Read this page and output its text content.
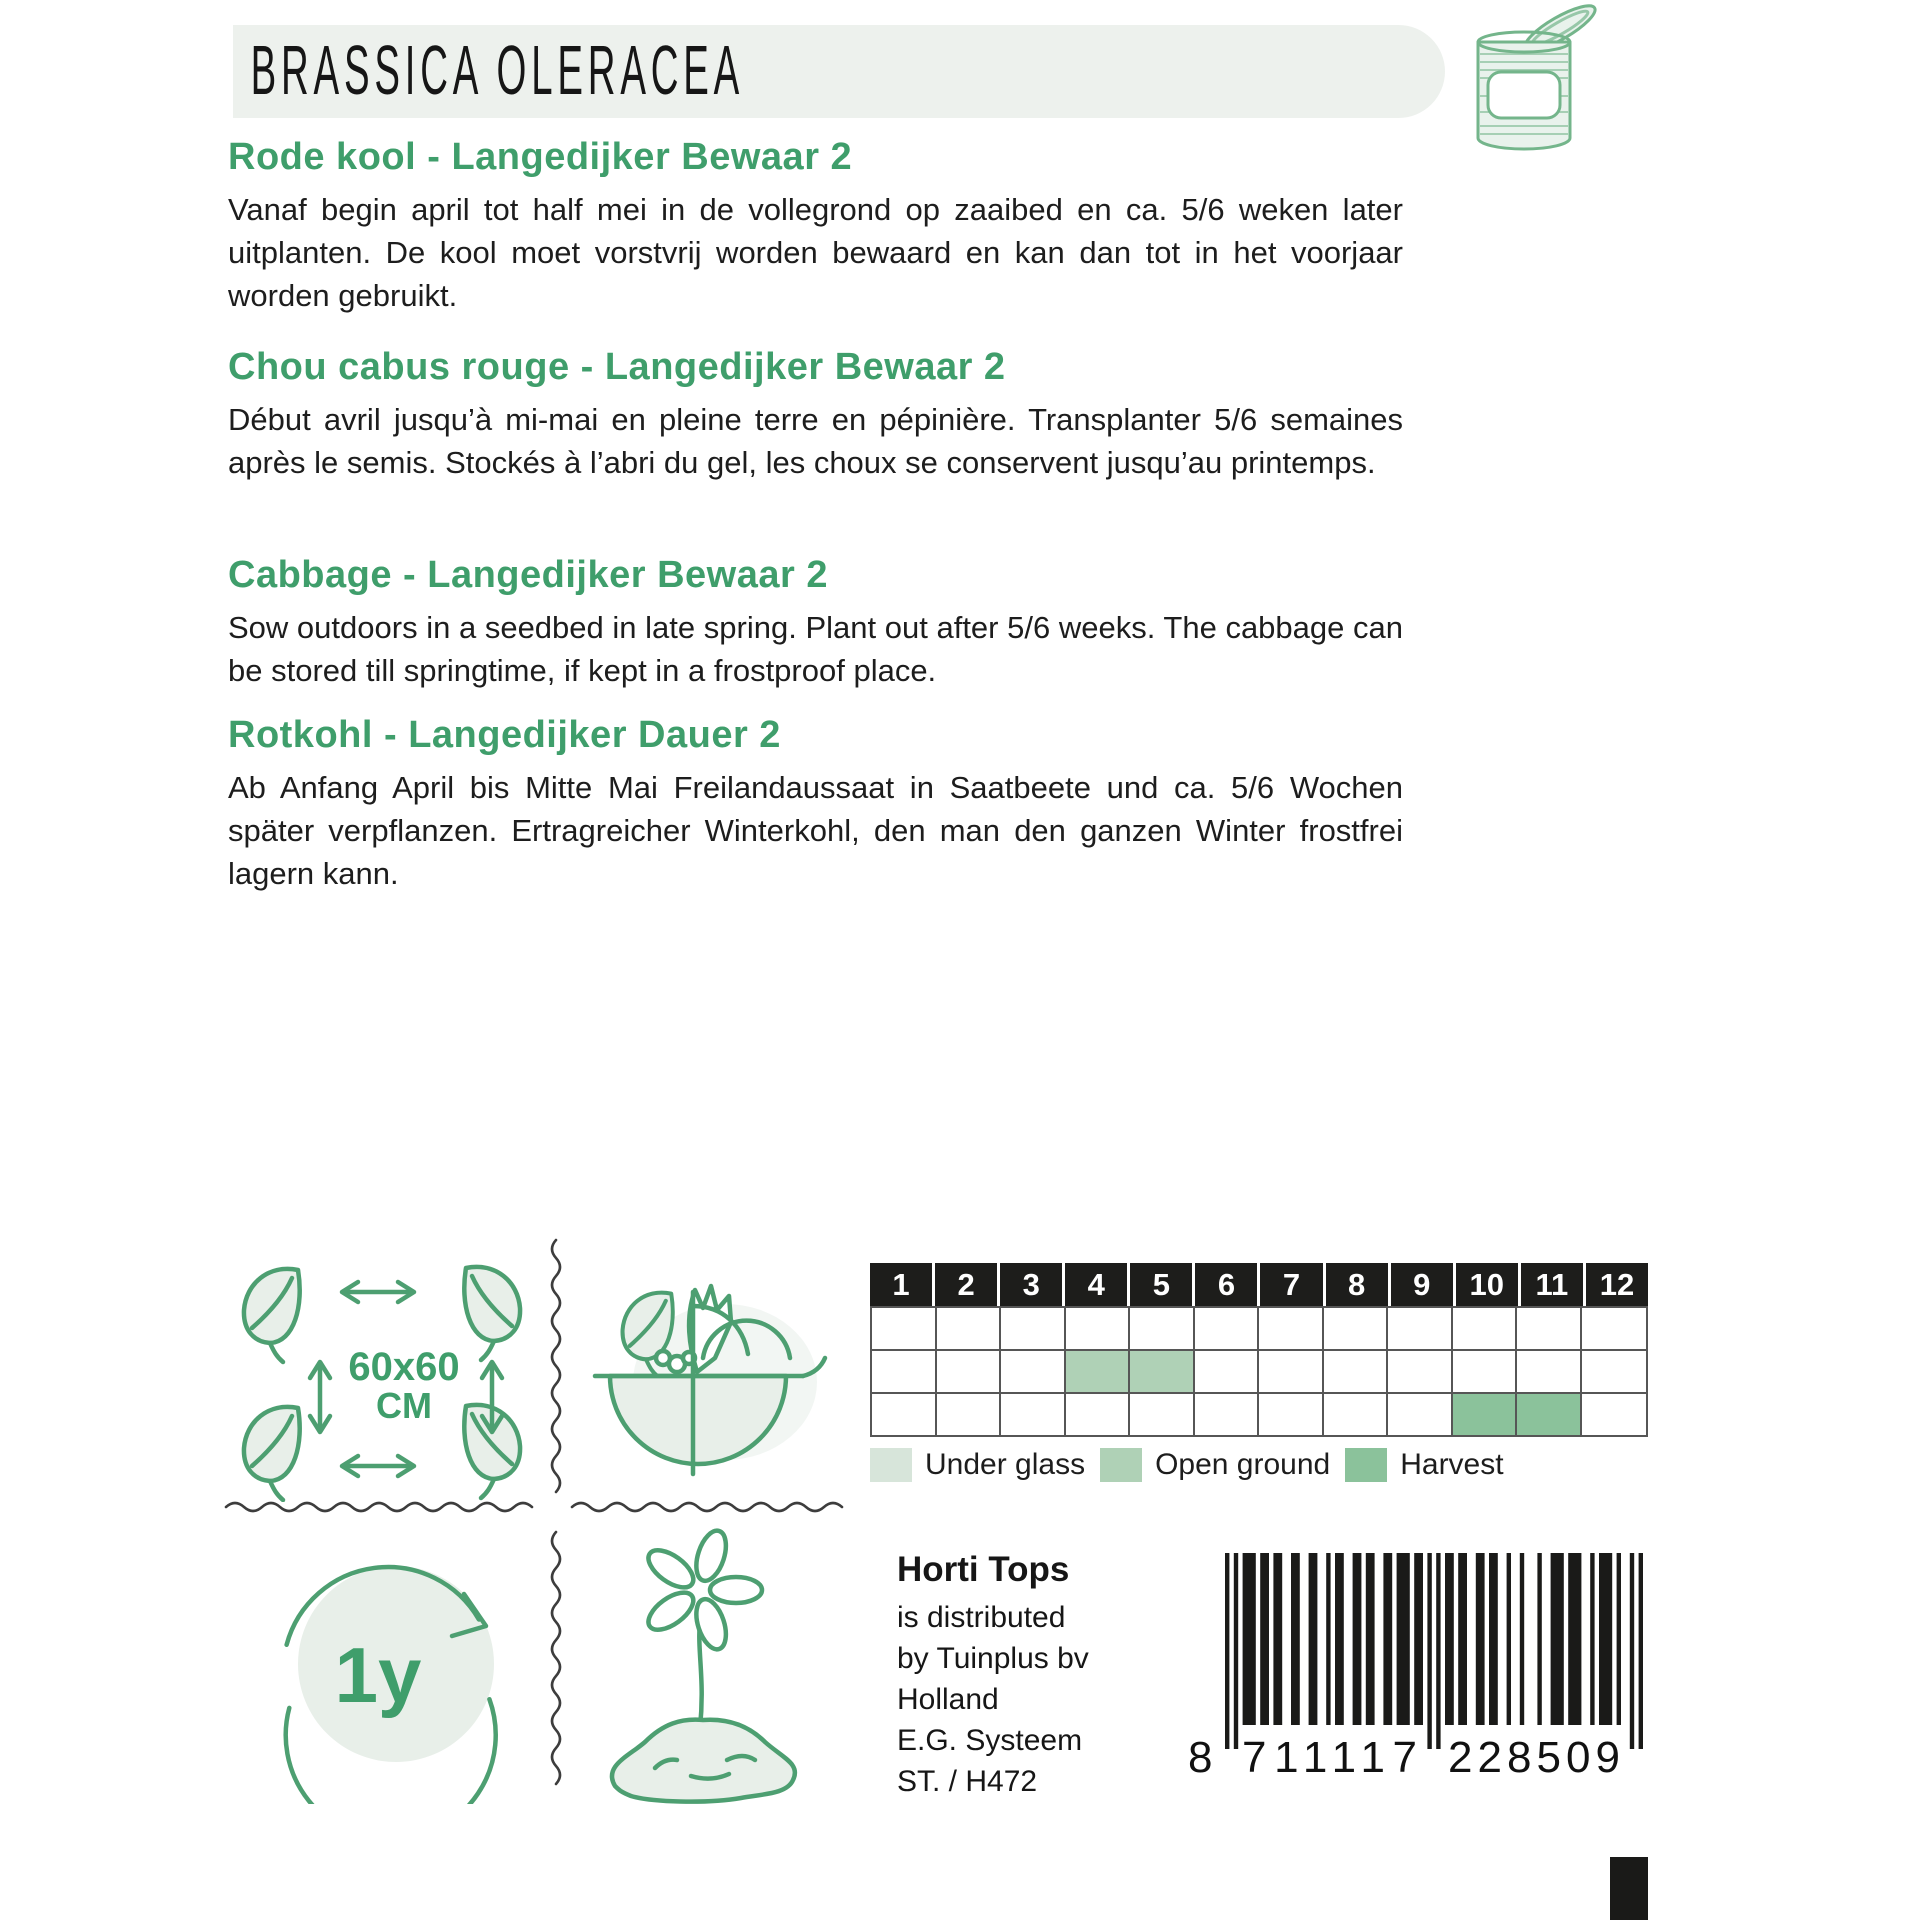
BRASSICA OLERACEA
Rode kool - Langedijker Bewaar 2

Vanaf begin april tot half mei in de vollegrond op zaaibed en ca. 5/6 weken later uitplanten. De kool moet vorstvrij worden bewaard en kan dan tot in het voorjaar worden gebruikt.

Chou cabus rouge - Langedijker Bewaar 2

Début avril jusqu’à mi-mai en pleine terre en pépinière. Transplanter 5/6 semaines après le semis. Stockés à l’abri du gel, les choux se conservent jusqu’au printemps.

Cabbage - Langedijker Bewaar 2

Sow outdoors in a seedbed in late spring. Plant out after 5/6 weeks. The cabbage can be stored till springtime, if kept in a frostproof place.

Rotkohl - Langedijker Dauer 2

Ab Anfang April bis Mitte Mai Freilandaussaat in Saatbeete und ca. 5/6 Wochen später verpflanzen. Ertragreicher Winterkohl, den man den ganzen Winter frostfrei lagern kann.

60x60
CM
1y
1	2	3	4	5	6	7	8	9	10	11	12
Under glass Open ground Harvest
Horti Tops
is distributed
by Tuinplus bv
Holland
E.G. Systeem
ST. / H472	8 711117 228509
